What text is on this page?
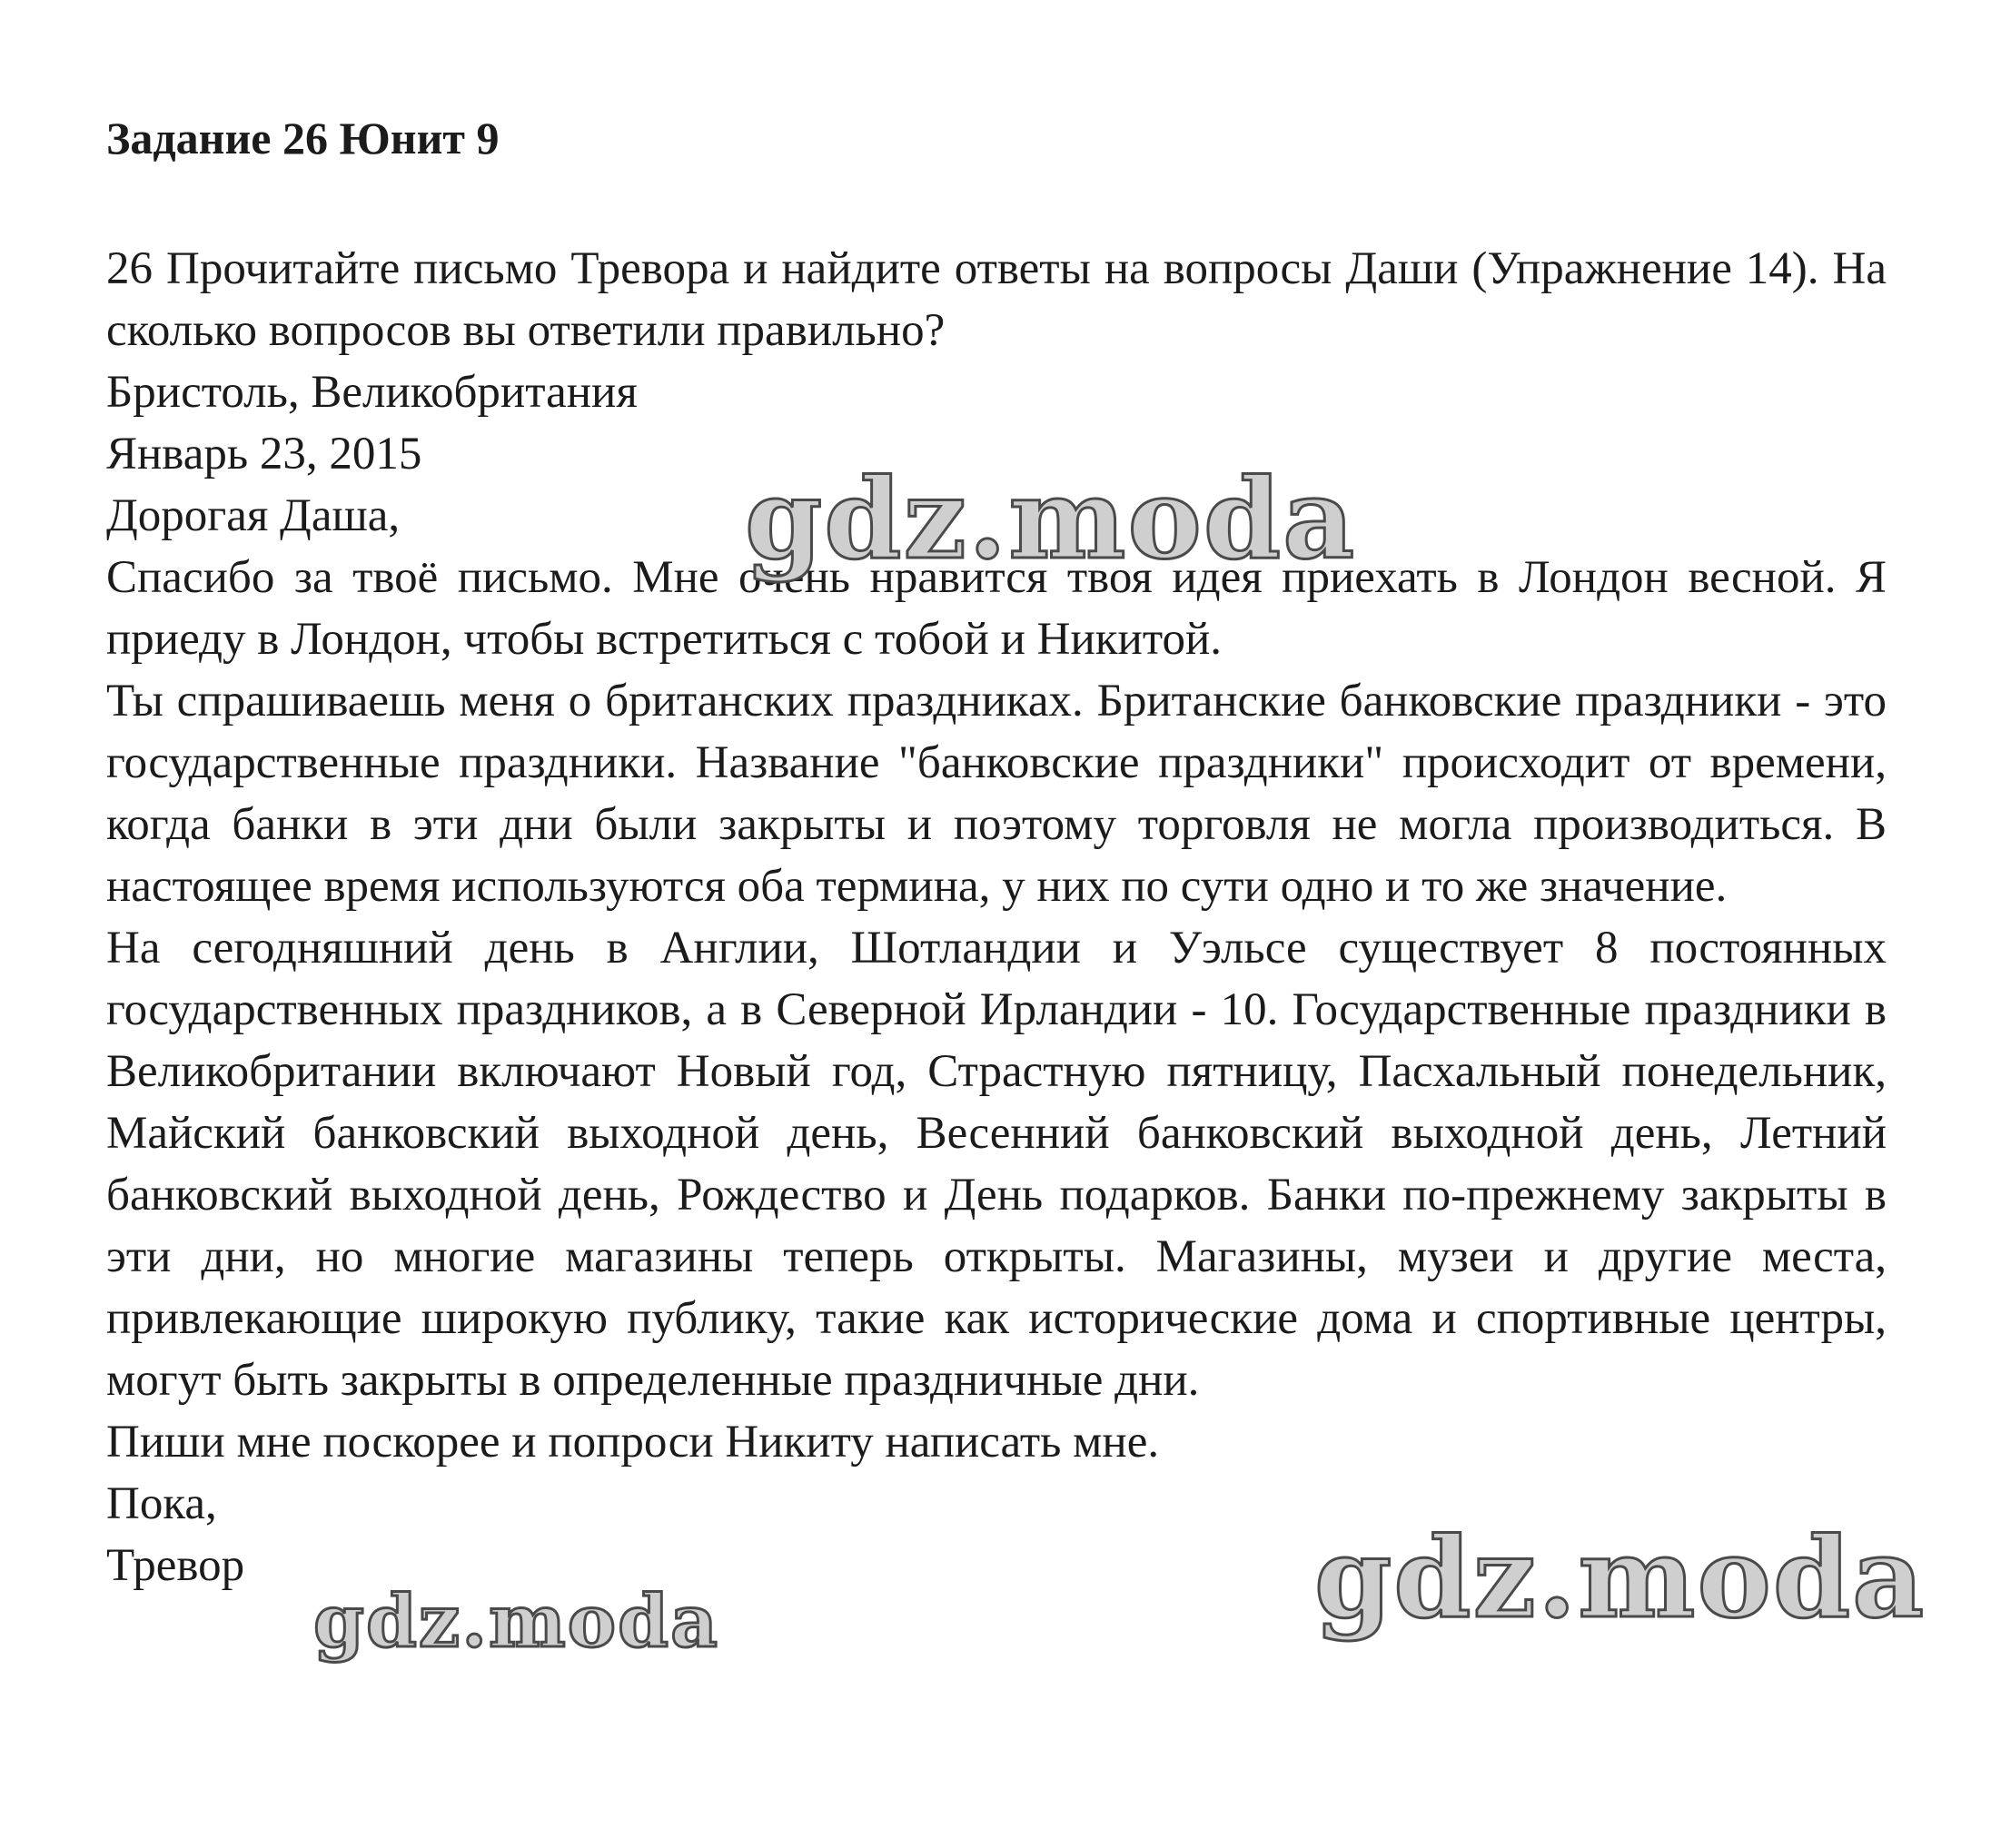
Задание 26 Юнит 9

26 Прочитайте письмо Тревора и найдите ответы на вопросы Даши (Упражнение 14). На сколько вопросов вы ответили правильно?

Бристоль, Великобритания

Январь 23, 2015

Дорогая Даша,

Спасибо за твоё письмо. Мне очень нравится твоя идея приехать в Лондон весной. Я приеду в Лондон, чтобы встретиться с тобой и Никитой.

Ты спрашиваешь меня о британских праздниках. Британские банковские праздники - это государственные праздники. Название "банковские праздники" происходит от времени, когда банки в эти дни были закрыты и поэтому торговля не могла производиться. В настоящее время используются оба термина, у них по сути одно и то же значение.

На сегодняшний день в Англии, Шотландии и Уэльсе существует 8 постоянных государственных праздников, а в Северной Ирландии - 10. Государственные праздники в Великобритании включают Новый год, Страстную пятницу, Пасхальный понедельник, Майский банковский выходной день, Весенний банковский выходной день, Летний банковский выходной день, Рождество и День подарков. Банки по-прежнему закрыты в эти дни, но многие магазины теперь открыты. Магазины, музеи и другие места, привлекающие широкую публику, такие как исторические дома и спортивные центры, могут быть закрыты в определенные праздничные дни.

Пиши мне поскорее и попроси Никиту написать мне.

Пока,

Тревор

gdz.moda
gdz.moda
gdz.moda
